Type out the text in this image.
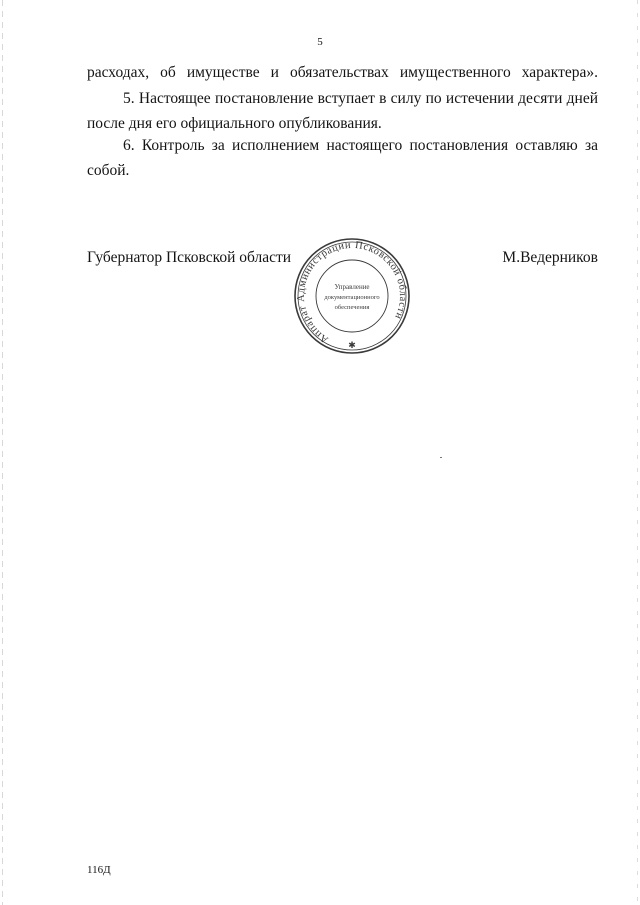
5
расходах, об имуществе и обязательствах имущественного характера».
5. Настоящее постановление вступает в силу по истечении десяти дней после дня его официального опубликования.
6. Контроль за исполнением настоящего постановления оставляю за собой.
Губернатор Псковской области	М.Ведерников
Аппарат Администрации Псковской области
Управление
документационного
обеспечения
✱
116Д
